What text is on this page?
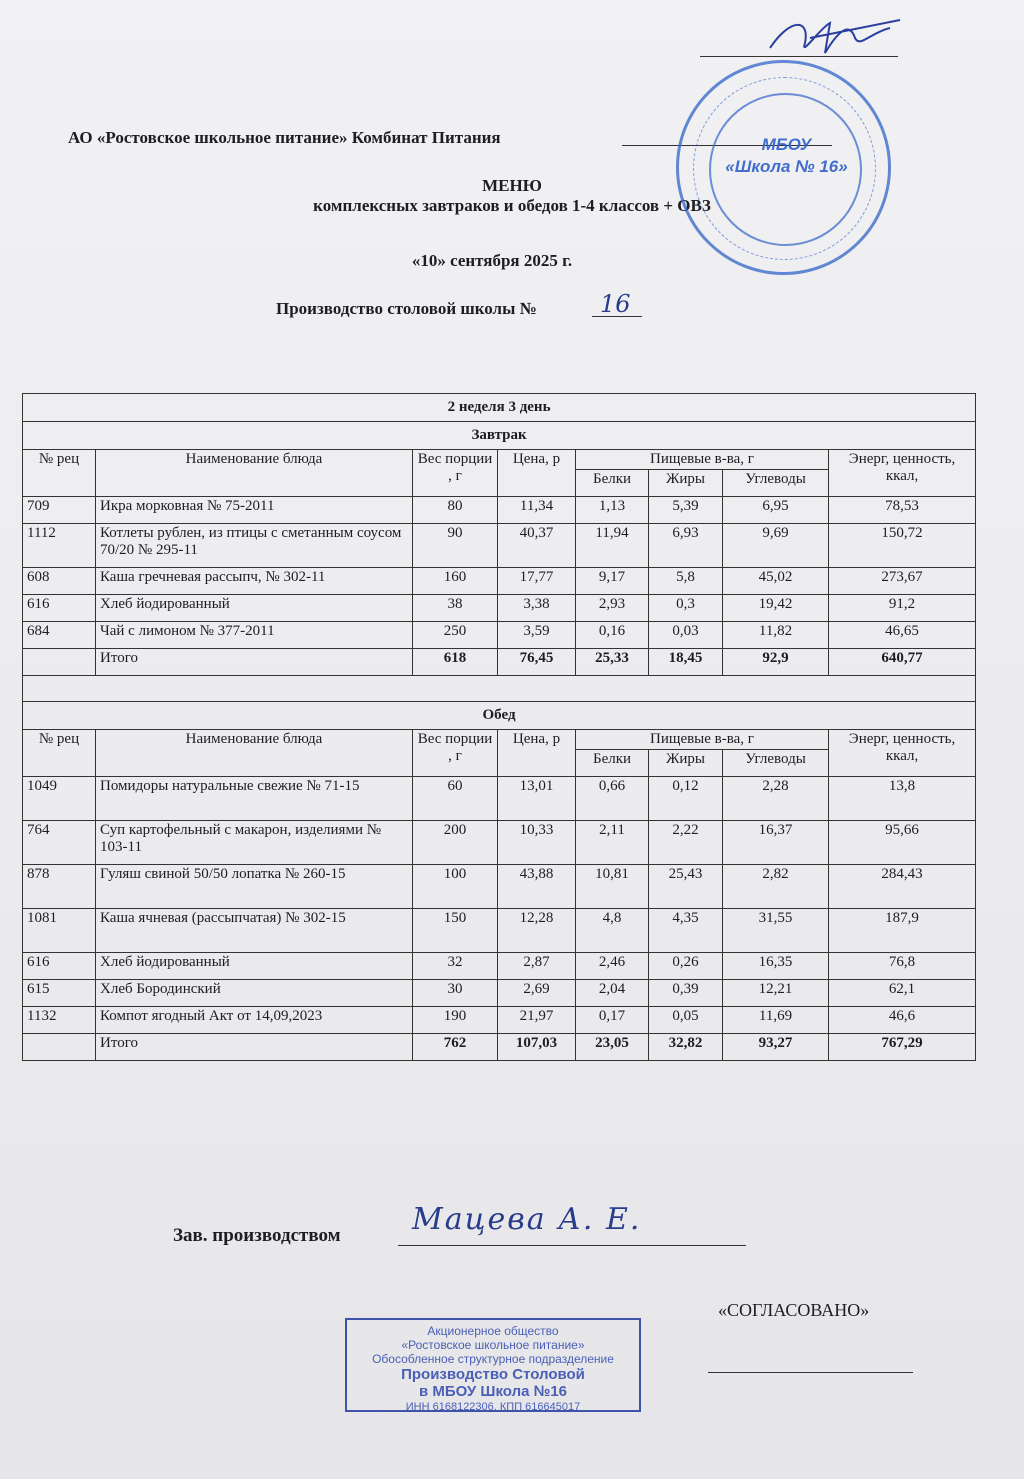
АО «Ростовское школьное питание» Комбинат Питания
МЕНЮ
комплексных завтраков и обедов 1-4 классов + ОВЗ
«10» сентября 2025 г.
Производство столовой школы №	16
МБОУ
«Школа № 16»
2 неделя 3 день							
Завтрак							
№ рец	Наименование блюда	Вес порции , г	Цена, р	Пищевые в-ва, г			Энерг, ценность, ккал,
				Белки	Жиры	Углеводы	
709	Икра морковная № 75-2011	80	11,34	1,13	5,39	6,95	78,53
1112	Котлеты рублен, из птицы с сметанным соусом 70/20 № 295-11	90	40,37	11,94	6,93	9,69	150,72
608	Каша гречневая рассыпч, № 302-11	160	17,77	9,17	5,8	45,02	273,67
616	Хлеб йодированный	38	3,38	2,93	0,3	19,42	91,2
684	Чай с лимоном № 377-2011	250	3,59	0,16	0,03	11,82	46,65
	Итого	618	76,45	25,33	18,45	92,9	640,77

Обед							
№ рец	Наименование блюда	Вес порции , г	Цена, р	Пищевые в-ва, г			Энерг, ценность, ккал,
				Белки	Жиры	Углеводы	
1049	Помидоры натуральные свежие № 71-15	60	13,01	0,66	0,12	2,28	13,8
764	Суп картофельный с макарон, изделиями № 103-11	200	10,33	2,11	2,22	16,37	95,66
878	Гуляш свиной 50/50 лопатка № 260-15	100	43,88	10,81	25,43	2,82	284,43
1081	Каша ячневая (рассыпчатая) № 302-15	150	12,28	4,8	4,35	31,55	187,9
616	Хлеб йодированный	32	2,87	2,46	0,26	16,35	76,8
615	Хлеб Бородинский	30	2,69	2,04	0,39	12,21	62,1
1132	Компот ягодный Акт от 14,09,2023	190	21,97	0,17	0,05	11,69	46,6
	Итого	762	107,03	23,05	32,82	93,27	767,29
Зав. производством Мацева А. Е.
Акционерное общество
«Ростовское школьное питание»
Обособленное структурное подразделение
Производство Столовой
в МБОУ Школа №16
ИНН 6168122306, КПП 616645017
«СОГЛАСОВАНО»
